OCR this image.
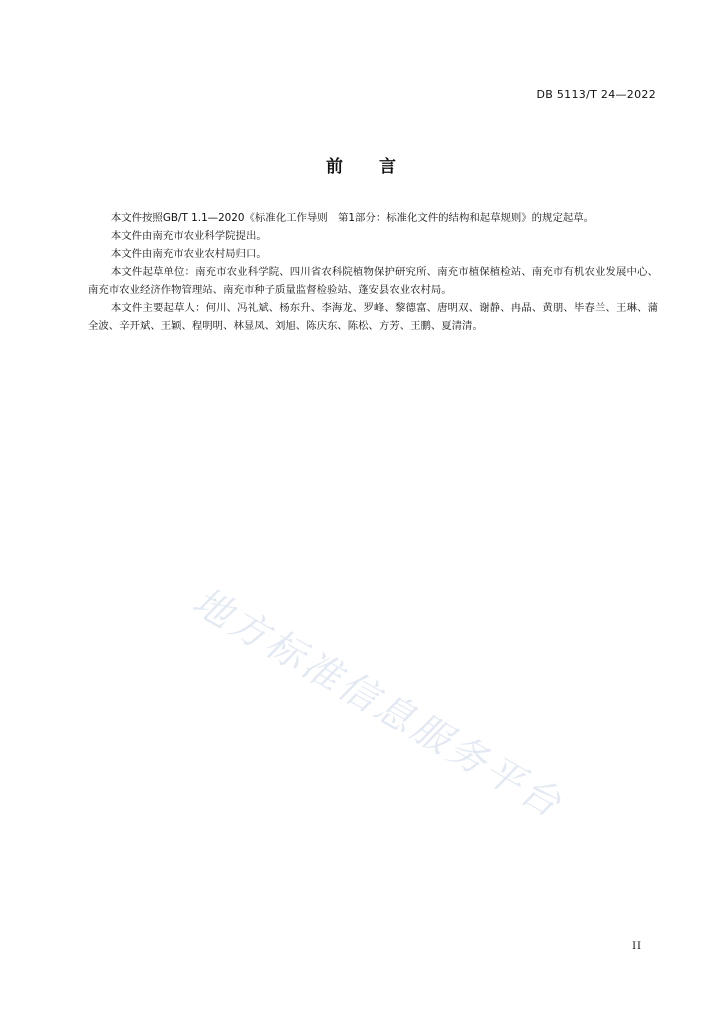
DB 5113/T 24—2022
前 言

本文件按照GB/T 1.1—2020《标准化工作导则　第1部分：标准化文件的结构和起草规则》的规定起草。

本文件由南充市农业科学院提出。

本文件由南充市农业农村局归口。

本文件起草单位：南充市农业科学院、四川省农科院植物保护研究所、南充市植保植检站、南充市有机农业发展中心、南充市农业经济作物管理站、南充市种子质量监督检验站、蓬安县农业农村局。

本文件主要起草人：何川、冯礼斌、杨东升、李海龙、罗峰、黎德富、唐明双、谢静、冉晶、黄朋、毕春兰、王琳、蒲全波、辛开斌、王颖、程明明、林显凤、刘旭、陈庆东、陈松、方芳、王鹏、夏清清。

地方标准信息服务平台
II
